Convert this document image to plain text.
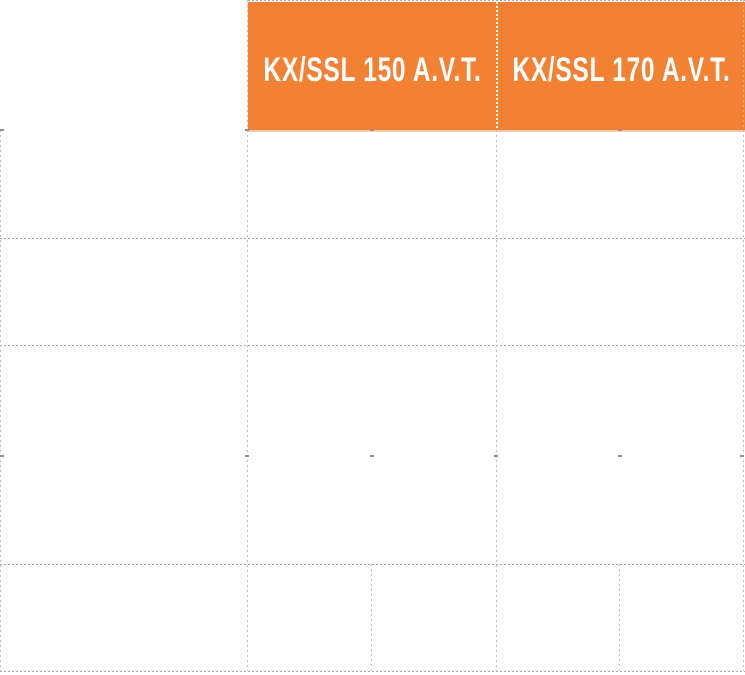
KX/SSL 150 A.V.T. KX/SSL 170 A.V.T.
